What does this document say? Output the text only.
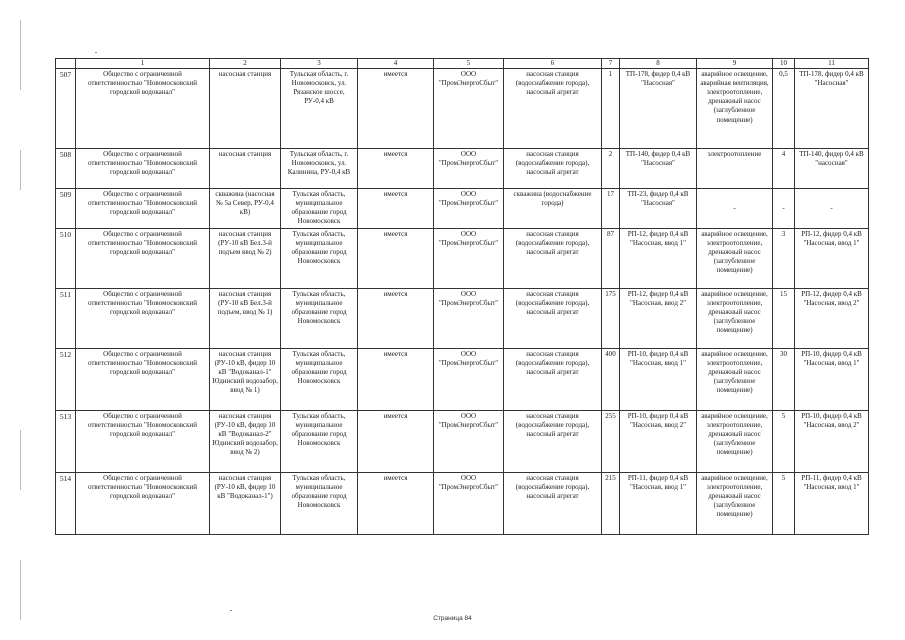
	1	2	3	4	5	6	7	8	9	10	11
507	Общество с ограниченной ответственностью "Новомосковский городской водоканал"	насосная станция	Тульская область, г. Новомосковск, ул. Рязанское шоссе, РУ-0,4 кВ	имеется	ООО "ПромЭнергоСбыт"	насосная станция (водоснабжение города), насосный агрегат	1	ТП-178, фидер 0,4 кВ "Насосная"	аварийное освещение, аварийная вентиляция, электроотопление, дренажный насос (заглубленное помещение)	0,5	ТП-178, фидер 0,4 кВ "Насосная"
508	Общество с ограниченной ответственностью "Новомосковский городской водоканал"	насосная станция	Тульская область, г. Новомосковск, ул. Калинина, РУ-0,4 кВ	имеется	ООО "ПромЭнергоСбыт"	насосная станция (водоснабжение города), насосный агрегат	2	ТП-140, фидер 0,4 кВ "Насосная"	электроотопление	4	ТП-140, фидер 0,4 кВ "насосная"
509	Общество с ограниченной ответственностью "Новомосковский городской водоканал"	скважина (насосная № 5а Север, РУ-0,4 кВ)	Тульская область, муниципальное образование город Новомосковск	имеется	ООО "ПромЭнергоСбыт"	скважина (водоснабжение города)	17	ТП-23, фидер 0,4 кВ "Насосная"	-	-	-
510	Общество с ограниченной ответственностью "Новомосковский городской водоканал"	насосная станция (РУ-10 кВ Бел.3-й подъем ввод № 2)	Тульская область, муниципальное образование город Новомосковск	имеется	ООО "ПромЭнергоСбыт"	насосная станция (водоснабжение города), насосный агрегат	87	РП-12, фидер 0,4 кВ "Насосная, ввод 1"	аварийное освещение, электроотопление, дренажный насос (заглубленное помещение)	3	РП-12, фидер 0,4 кВ "Насосная, ввод 1"
511	Общество с ограниченной ответственностью "Новомосковский городской водоканал"	насосная станция (РУ-10 кВ Бел.3-й подъем, ввод № 1)	Тульская область, муниципальное образование город Новомосковск	имеется	ООО "ПромЭнергоСбыт"	насосная станция (водоснабжение города), насосный агрегат	175	РП-12, фидер 0,4 кВ "Насосная, ввод 2"	аварийное освещение, электроотопление, дренажный насос (заглубленное помещение)	15	РП-12, фидер 0,4 кВ "Насосная, ввод 2"
512	Общество с ограниченной ответственностью "Новомосковский городской водоканал"	насосная станция (РУ-10 кВ, фидер 10 кВ "Водоканал-1" Юдинский водозабор, ввод № 1)	Тульская область, муниципальное образование город Новомосковск	имеется	ООО "ПромЭнергоСбыт"	насосная станция (водоснабжение города), насосный агрегат	400	РП-10, фидер 0,4 кВ "Насосная, ввод 1"	аварийное освещение, электроотопление, дренажный насос (заглубленное помещение)	30	РП-10, фидер 0,4 кВ "Насосная, ввод 1"
513	Общество с ограниченной ответственностью "Новомосковский городской водоканал"	насосная станция (РУ-10 кВ, фидер 10 кВ "Водоканал-2" Юдинский водозабор, ввод № 2)	Тульская область, муниципальное образование город Новомосковск	имеется	ООО "ПромЭнергоСбыт"	насосная станция (водоснабжение города), насосный агрегат	255	РП-10, фидер 0,4 кВ "Насосная, ввод 2"	аварийное освещение, электроотопление, дренажный насос (заглубленное помещение)	5	РП-10, фидер 0,4 кВ "Насосная, ввод 2"
514	Общество с ограниченной ответственностью "Новомосковский городской водоканал"	насосная станция (РУ-10 кВ, фидер 10 кВ "Водоканал-1")	Тульская область, муниципальное образование город Новомосковск	имеется	ООО "ПромЭнергоСбыт"	насосная станция (водоснабжение города), насосный агрегат	215	РП-11, фидер 0,4 кВ "Насосная, ввод 1"	аварийное освещение, электроотопление, дренажный насос (заглубленное помещение)	5	РП-11, фидер 0,4 кВ "Насосная, ввод 1"
Страница 84
